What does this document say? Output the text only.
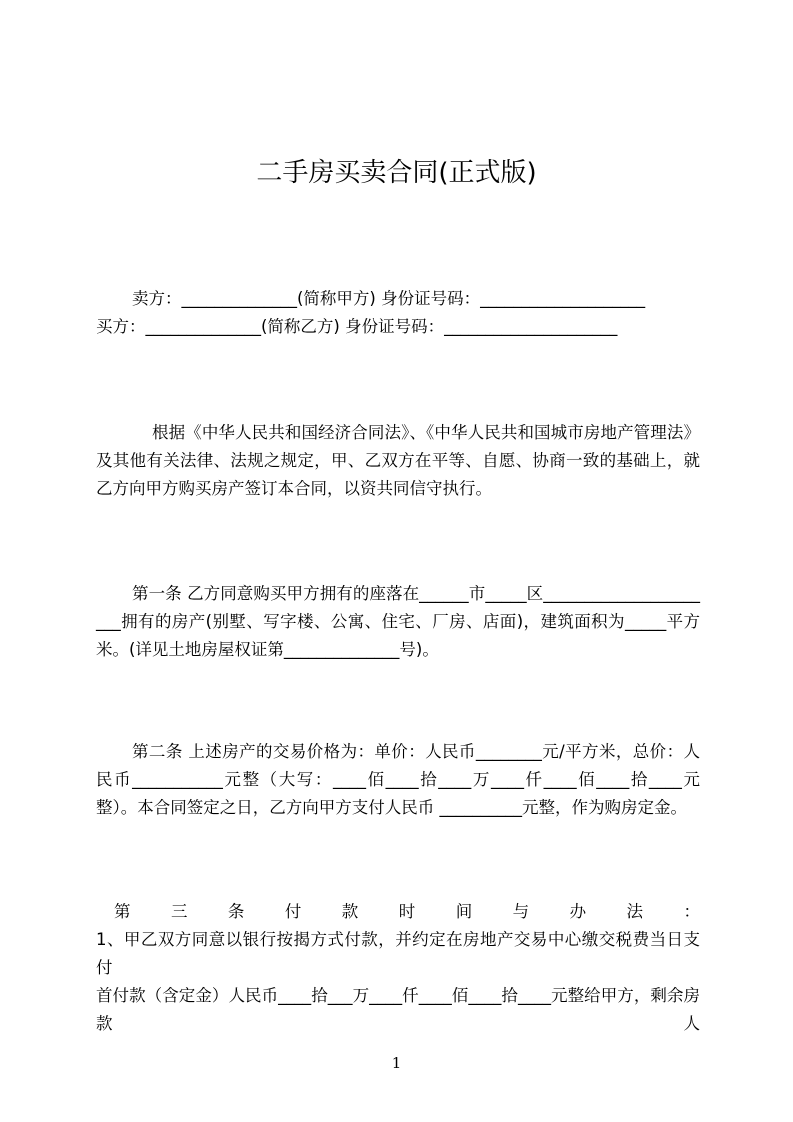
二手房买卖合同(正式版)
卖方：______________(简称甲方) 身份证号码：____________________
买方：______________(简称乙方) 身份证号码：_____________________
根据《中华人民共和国经济合同法》、《中华人民共和国城市房地产管理法》及其他有关法律、法规之规定，甲、乙双方在平等、自愿、协商一致的基础上，就乙方向甲方购买房产签订本合同，以资共同信守执行。
第一条 乙方同意购买甲方拥有的座落在______市_____区______________________拥有的房产(别墅、写字楼、公寓、住宅、厂房、店面)，建筑面积为_____平方米。(详见土地房屋权证第______________号)。
第二条 上述房产的交易价格为：单价：人民币________元/平方米，总价：人民币___________元整（大写：____佰____拾____万____仟____佰____拾____元整）。本合同签定之日，乙方向甲方支付人民币 __________元整，作为购房定金。
第 三 条 付 款 时 间 与 办 法 ：
1、甲乙双方同意以银行按揭方式付款，并约定在房地产交易中心缴交税费当日支付
首付款（含定金）人民币____拾___万____仟____佰____拾____元整给甲方，剩余房
款	人
1
